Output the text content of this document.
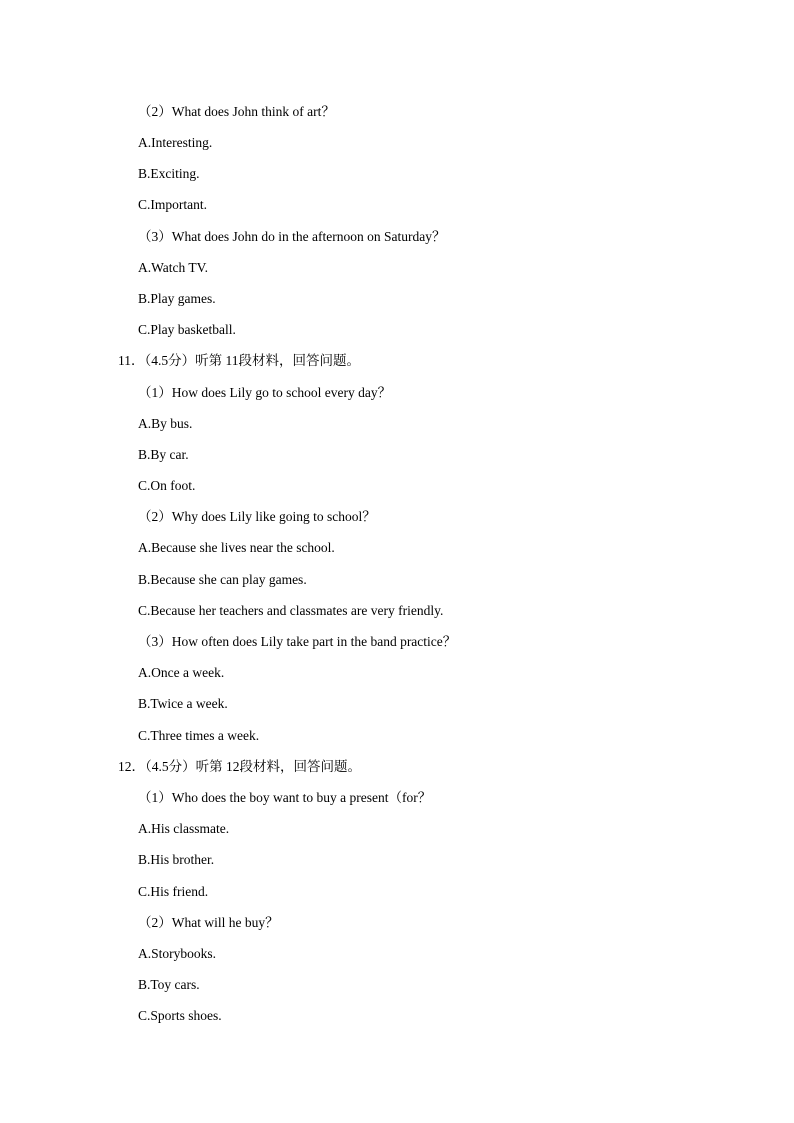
（2）What does John think of art？
A.Interesting.
B.Exciting.
C.Important.
（3）What does John do in the afternoon on Saturday？
A.Watch TV.
B.Play games.
C.Play basketball.
11．（4.5分）听第 11段材料，回答问题。
（1）How does Lily go to school every day？
A.By bus.
B.By car.
C.On foot.
（2）Why does Lily like going to school？
A.Because she lives near the school.
B.Because she can play games.
C.Because her teachers and classmates are very friendly.
（3）How often does Lily take part in the band practice？
A.Once a week.
B.Twice a week.
C.Three times a week.
12．（4.5分）听第 12段材料，回答问题。
（1）Who does the boy want to buy a present（for？
A.His classmate.
B.His brother.
C.His friend.
（2）What will he buy？
A.Storybooks.
B.Toy cars.
C.Sports shoes.
